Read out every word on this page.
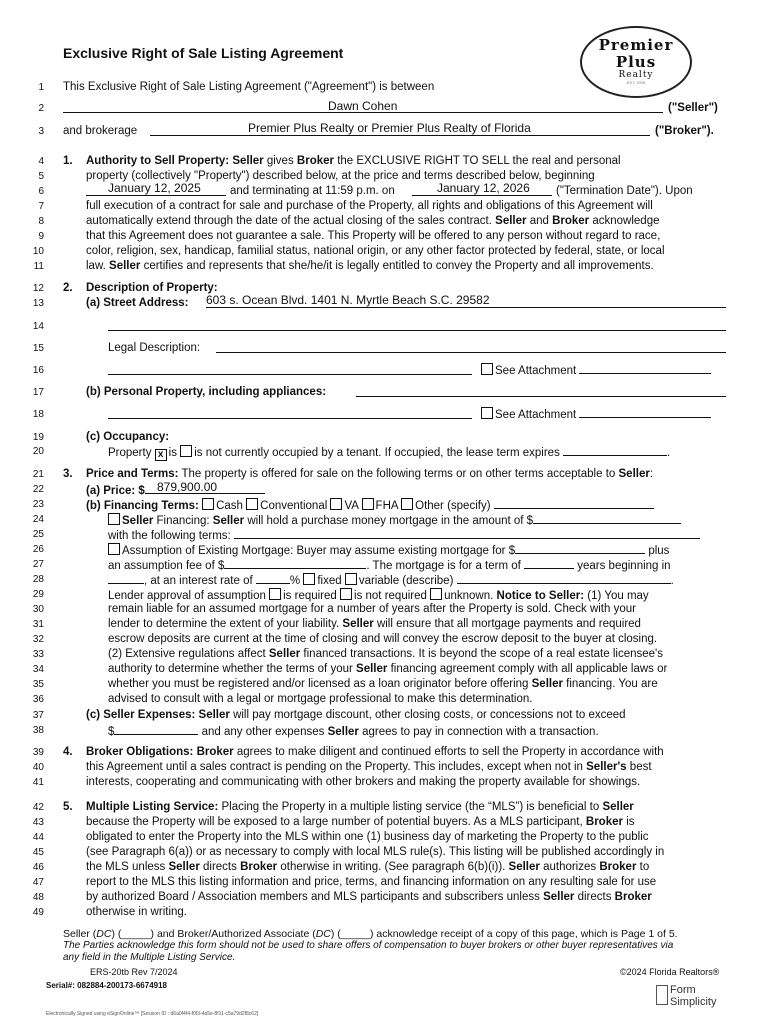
Exclusive Right of Sale Listing Agreement	Premier
Plus
Realty
EST. 2005
1
2
3
4
5
6
7
8
9
10
11
12
13
14
15
16
17
18
19
20
21
22
23
24
25
26
27
28
29
30
31
32
33
34
35
36
37
38
39
40
41
42
43
44
45
46
47
48
49
This Exclusive Right of Sale Listing Agreement ("Agreement") is between
Dawn Cohen	("Seller")
and brokerage	Premier Plus Realty or Premier Plus Realty of Florida	("Broker").
1. Authority to Sell Property: Seller gives Broker the EXCLUSIVE RIGHT TO SELL the real and personal
property (collectively "Property") described below, at the price and terms described below, beginning
January 12, 2025	and terminating at 11:59 p.m. on	January 12, 2026 ("Termination Date"). Upon
full execution of a contract for sale and purchase of the Property, all rights and obligations of this Agreement will
automatically extend through the date of the actual closing of the sales contract. Seller and Broker acknowledge
that this Agreement does not guarantee a sale. This Property will be offered to any person without regard to race,
color, religion, sex, handicap, familial status, national origin, or any other factor protected by federal, state, or local
law. Seller certifies and represents that she/he/it is legally entitled to convey the Property and all improvements.
2. Description of Property:
(a) Street Address: 603 s. Ocean Blvd. 1401 N. Myrtle Beach S.C. 29582
Legal Description:
See Attachment
(b) Personal Property, including appliances:
See Attachment
(c) Occupancy:
Property x is is not currently occupied by a tenant. If occupied, the lease term expires	.
3. Price and Terms: The property is offered for sale on the following terms or on other terms acceptable to Seller:
(a) Price: $	879,900.00
(b) Financing Terms: Cash Conventional VA FHA Other (specify)
Seller Financing: Seller will hold a purchase money mortgage in the amount of $
with the following terms:
Assumption of Existing Mortgage: Buyer may assume existing mortgage for $	plus
an assumption fee of $	. The mortgage is for a term of	years beginning in
, at an interest rate of	% fixed variable (describe)	.
Lender approval of assumption is required is not required unknown. Notice to Seller: (1) You may
remain liable for an assumed mortgage for a number of years after the Property is sold. Check with your
lender to determine the extent of your liability. Seller will ensure that all mortgage payments and required
escrow deposits are current at the time of closing and will convey the escrow deposit to the buyer at closing.
(2) Extensive regulations affect Seller financed transactions. It is beyond the scope of a real estate licensee's
authority to determine whether the terms of your Seller financing agreement comply with all applicable laws or
whether you must be registered and/or licensed as a loan originator before offering Seller financing. You are
advised to consult with a legal or mortgage professional to make this determination.
(c) Seller Expenses: Seller will pay mortgage discount, other closing costs, or concessions not to exceed
$	and any other expenses Seller agrees to pay in connection with a transaction.
4. Broker Obligations: Broker agrees to make diligent and continued efforts to sell the Property in accordance with
this Agreement until a sales contract is pending on the Property. This includes, except when not in Seller's best
interests, cooperating and communicating with other brokers and making the property available for showings.
5. Multiple Listing Service: Placing the Property in a multiple listing service (the “MLS”) is beneficial to Seller
because the Property will be exposed to a large number of potential buyers. As a MLS participant, Broker is
obligated to enter the Property into the MLS within one (1) business day of marketing the Property to the public
(see Paragraph 6(a)) or as necessary to comply with local MLS rule(s). This listing will be published accordingly in
the MLS unless Seller directs Broker otherwise in writing. (See paragraph 6(b)(i)). Seller authorizes Broker to
report to the MLS this listing information and price, terms, and financing information on any resulting sale for use
by authorized Board / Association members and MLS participants and subscribers unless Seller directs Broker
otherwise in writing.
Seller (DC) (_____) and Broker/Authorized Associate (DC) (_____) acknowledge receipt of a copy of this page, which is Page 1 of 5.
The Parties acknowledge this form should not be used to share offers of compensation to buyer brokers or other buyer representatives via
any field in the Multiple Listing Service.
ERS-20tb Rev 7/2024	©2024 Florida Realtors®
Serial#: 082884-200173-6674918
Electronically Signed using eSignOnline™ [Session ID : d6a0f4f4-f0f3-4a5e-8f11-c5a79d2f8c62]
Form
Simplicity
